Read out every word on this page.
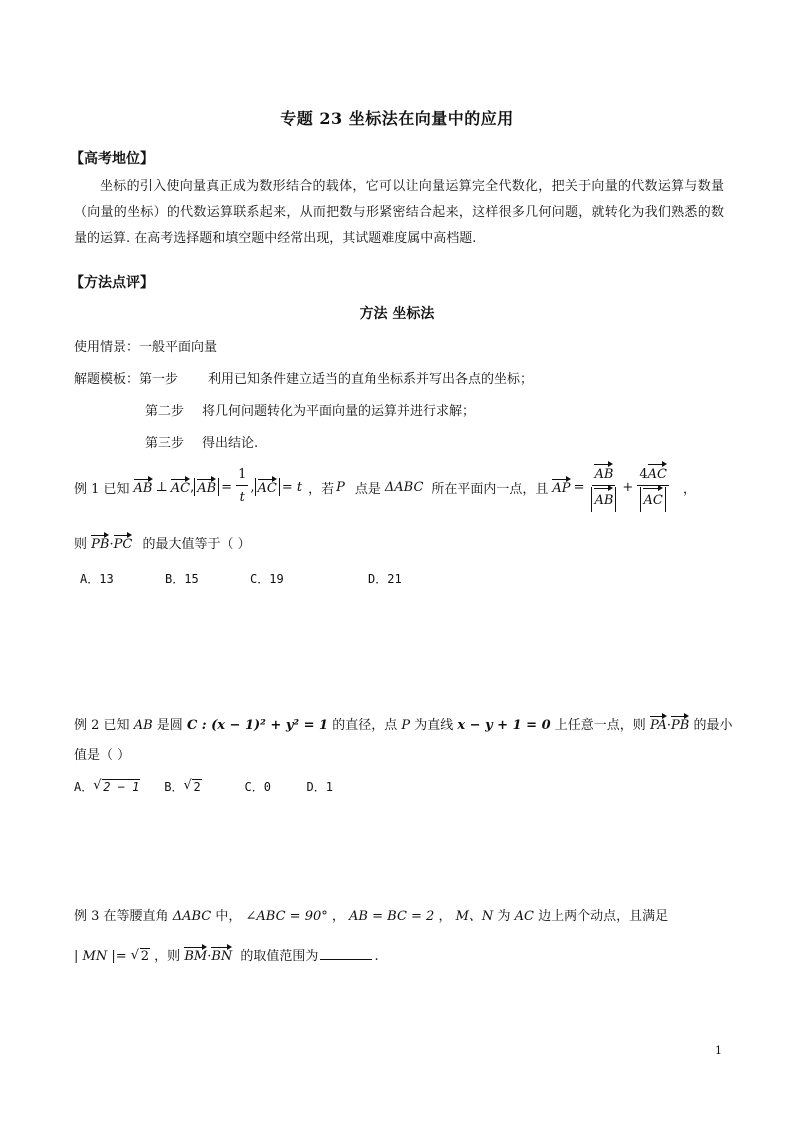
专题 23 坐标法在向量中的应用
【高考地位】
坐标的引入使向量真正成为数形结合的载体，它可以让向量运算完全代数化，把关于向量的代数运算与数量（向量的坐标）的代数运算联系起来，从而把数与形紧密结合起来，这样很多几何问题，就转化为我们熟悉的数量的运算. 在高考选择题和填空题中经常出现，其试题难度属中高档题.
【方法点评】
方法 坐标法
使用情景：一般平面向量
解题模板：第一步 利用已知条件建立适当的直角坐标系并写出各点的坐标；
第二步 将几何问题转化为平面向量的运算并进行求解；
第三步 得出结论.
例 1 已知 AB ⊥ AC , AB = $\frac{1}{t}$ , AC = t ，若 P 点是 ΔABC 所在平面内一点，且 AP = $\frac{AB}{AB} + \frac{4AC}{AC}$ ，
则 PB·PC 的最大值等于（ ）
A．13	B．15	C．19	D．21
例 2 已知 AB 是圆 C : (x − 1)² + y² = 1 的直径，点 P 为直线 x − y + 1 = 0 上任意一点，则 PA·PB 的最小
值是（ ）
A． √ 2 − 1 B． √ 2	C．0	D．1
例 3 在等腰直角 ΔABC 中， ∠ABC = 90° ， AB = BC = 2 ， M、N 为 AC 边上两个动点，且满足
| MN |= √ 2 ，则 BM·BN 的取值范围为	.
1
